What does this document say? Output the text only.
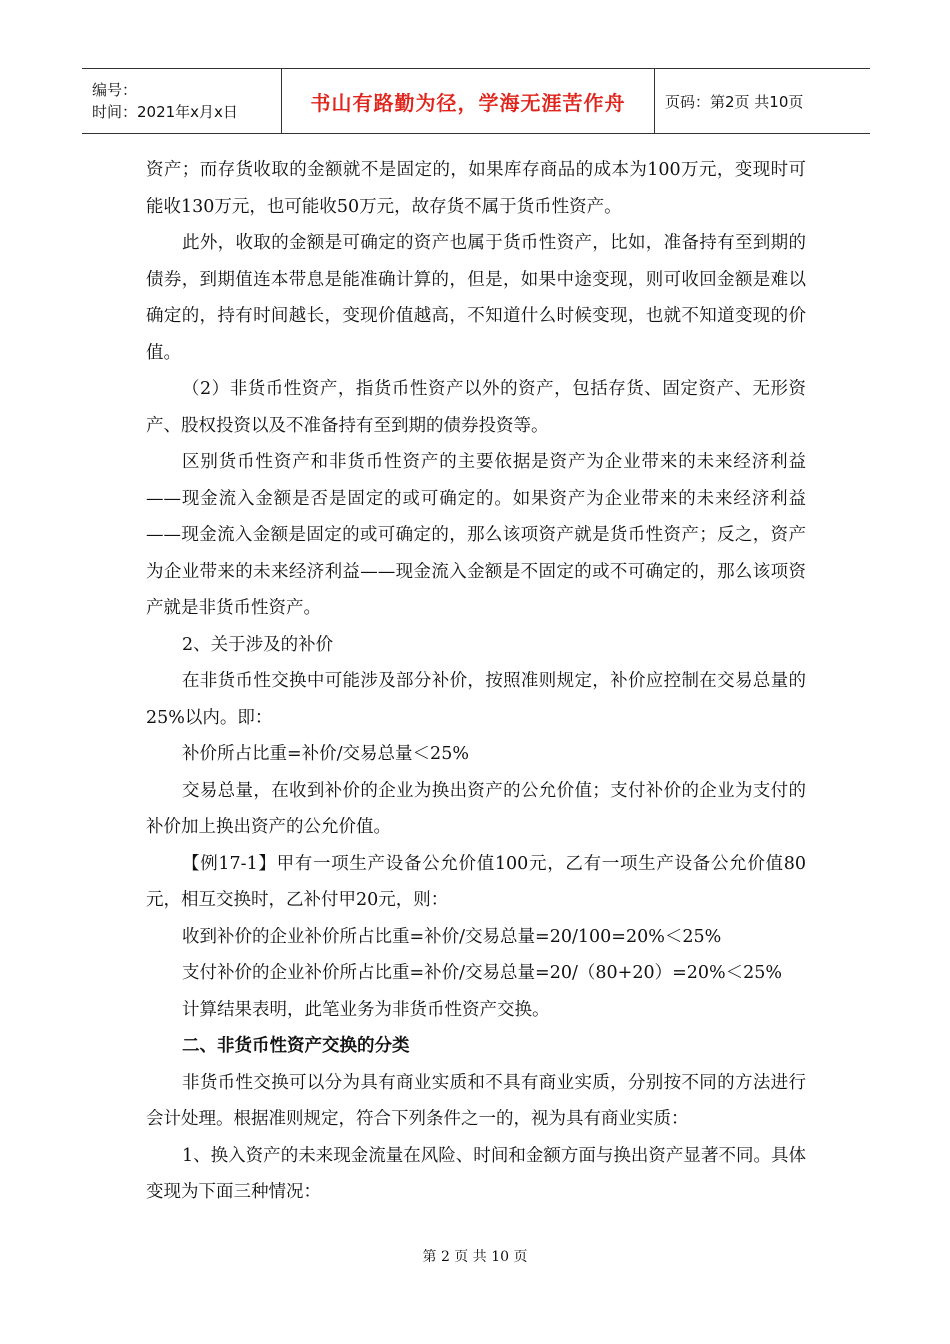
编号：
时间：2021年x月x日	书山有路勤为径，学海无涯苦作舟	页码：第2页 共10页

资产；而存货收取的金额就不是固定的，如果库存商品的成本为100万元，变现时可能收130万元，也可能收50万元，故存货不属于货币性资产。

此外，收取的金额是可确定的资产也属于货币性资产，比如，准备持有至到期的债券，到期值连本带息是能准确计算的，但是，如果中途变现，则可收回金额是难以确定的，持有时间越长，变现价值越高，不知道什么时候变现，也就不知道变现的价值。

（2）非货币性资产，指货币性资产以外的资产，包括存货、固定资产、无形资产、股权投资以及不准备持有至到期的债券投资等。

区别货币性资产和非货币性资产的主要依据是资产为企业带来的未来经济利益——现金流入金额是否是固定的或可确定的。如果资产为企业带来的未来经济利益——现金流入金额是固定的或可确定的，那么该项资产就是货币性资产；反之，资产为企业带来的未来经济利益——现金流入金额是不固定的或不可确定的，那么该项资产就是非货币性资产。

2、关于涉及的补价

在非货币性交换中可能涉及部分补价，按照准则规定，补价应控制在交易总量的25%以内。即：

补价所占比重=补价/交易总量＜25%

交易总量，在收到补价的企业为换出资产的公允价值；支付补价的企业为支付的补价加上换出资产的公允价值。

【例17-1】甲有一项生产设备公允价值100元，乙有一项生产设备公允价值80元，相互交换时，乙补付甲20元，则：

收到补价的企业补价所占比重=补价/交易总量=20/100=20%＜25%

支付补价的企业补价所占比重=补价/交易总量=20/（80+20）=20%＜25%

计算结果表明，此笔业务为非货币性资产交换。

二、非货币性资产交换的分类

非货币性交换可以分为具有商业实质和不具有商业实质，分别按不同的方法进行会计处理。根据准则规定，符合下列条件之一的，视为具有商业实质：

1、换入资产的未来现金流量在风险、时间和金额方面与换出资产显著不同。具体变现为下面三种情况：

第 2 页 共 10 页
